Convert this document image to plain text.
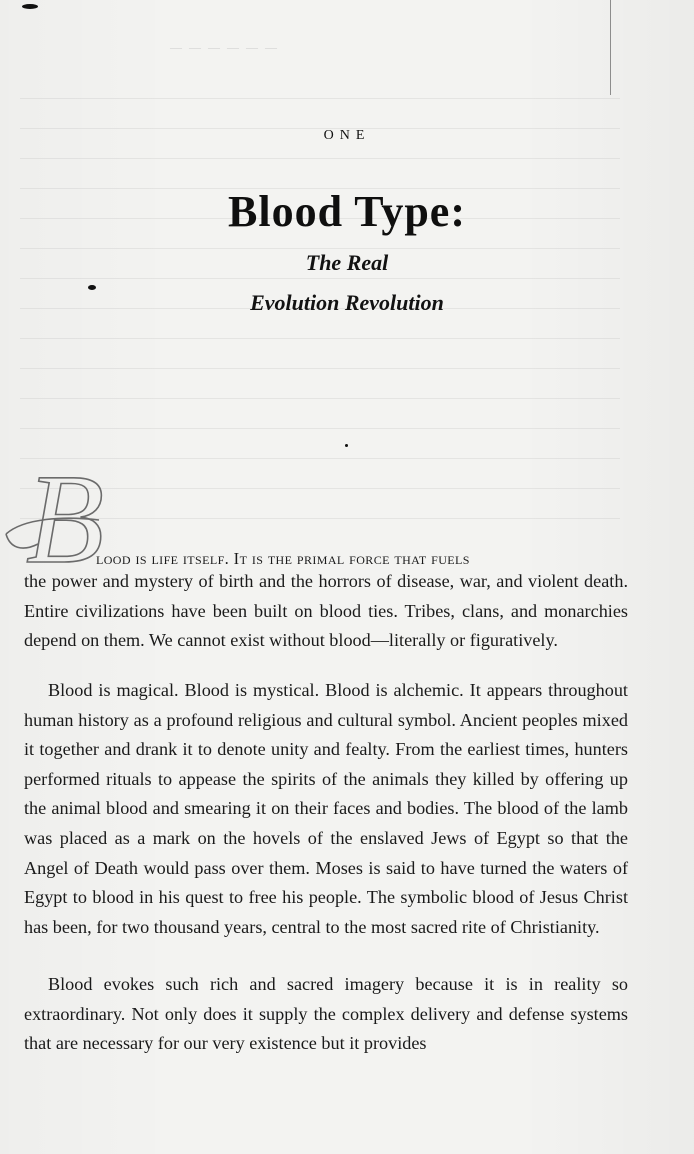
— — — — — —
ONE
Blood Type:
The Real
Evolution Revolution
B
lood is life itself. It is the primal force that fuels
the power and mystery of birth and the horrors of disease, war, and violent death. Entire civilizations have been built on blood ties. Tribes, clans, and monarchies depend on them. We cannot exist without blood—literally or figuratively.
Blood is magical. Blood is mystical. Blood is alchemic. It appears throughout human history as a profound religious and cultural symbol. Ancient peoples mixed it together and drank it to denote unity and fealty. From the earliest times, hunters performed rituals to appease the spirits of the animals they killed by offering up the animal blood and smearing it on their faces and bodies. The blood of the lamb was placed as a mark on the hovels of the enslaved Jews of Egypt so that the Angel of Death would pass over them. Moses is said to have turned the waters of Egypt to blood in his quest to free his people. The symbolic blood of Jesus Christ has been, for two thousand years, central to the most sacred rite of Christianity.
Blood evokes such rich and sacred imagery because it is in reality so extraordinary. Not only does it supply the complex delivery and defense systems that are necessary for our very existence but it provides
